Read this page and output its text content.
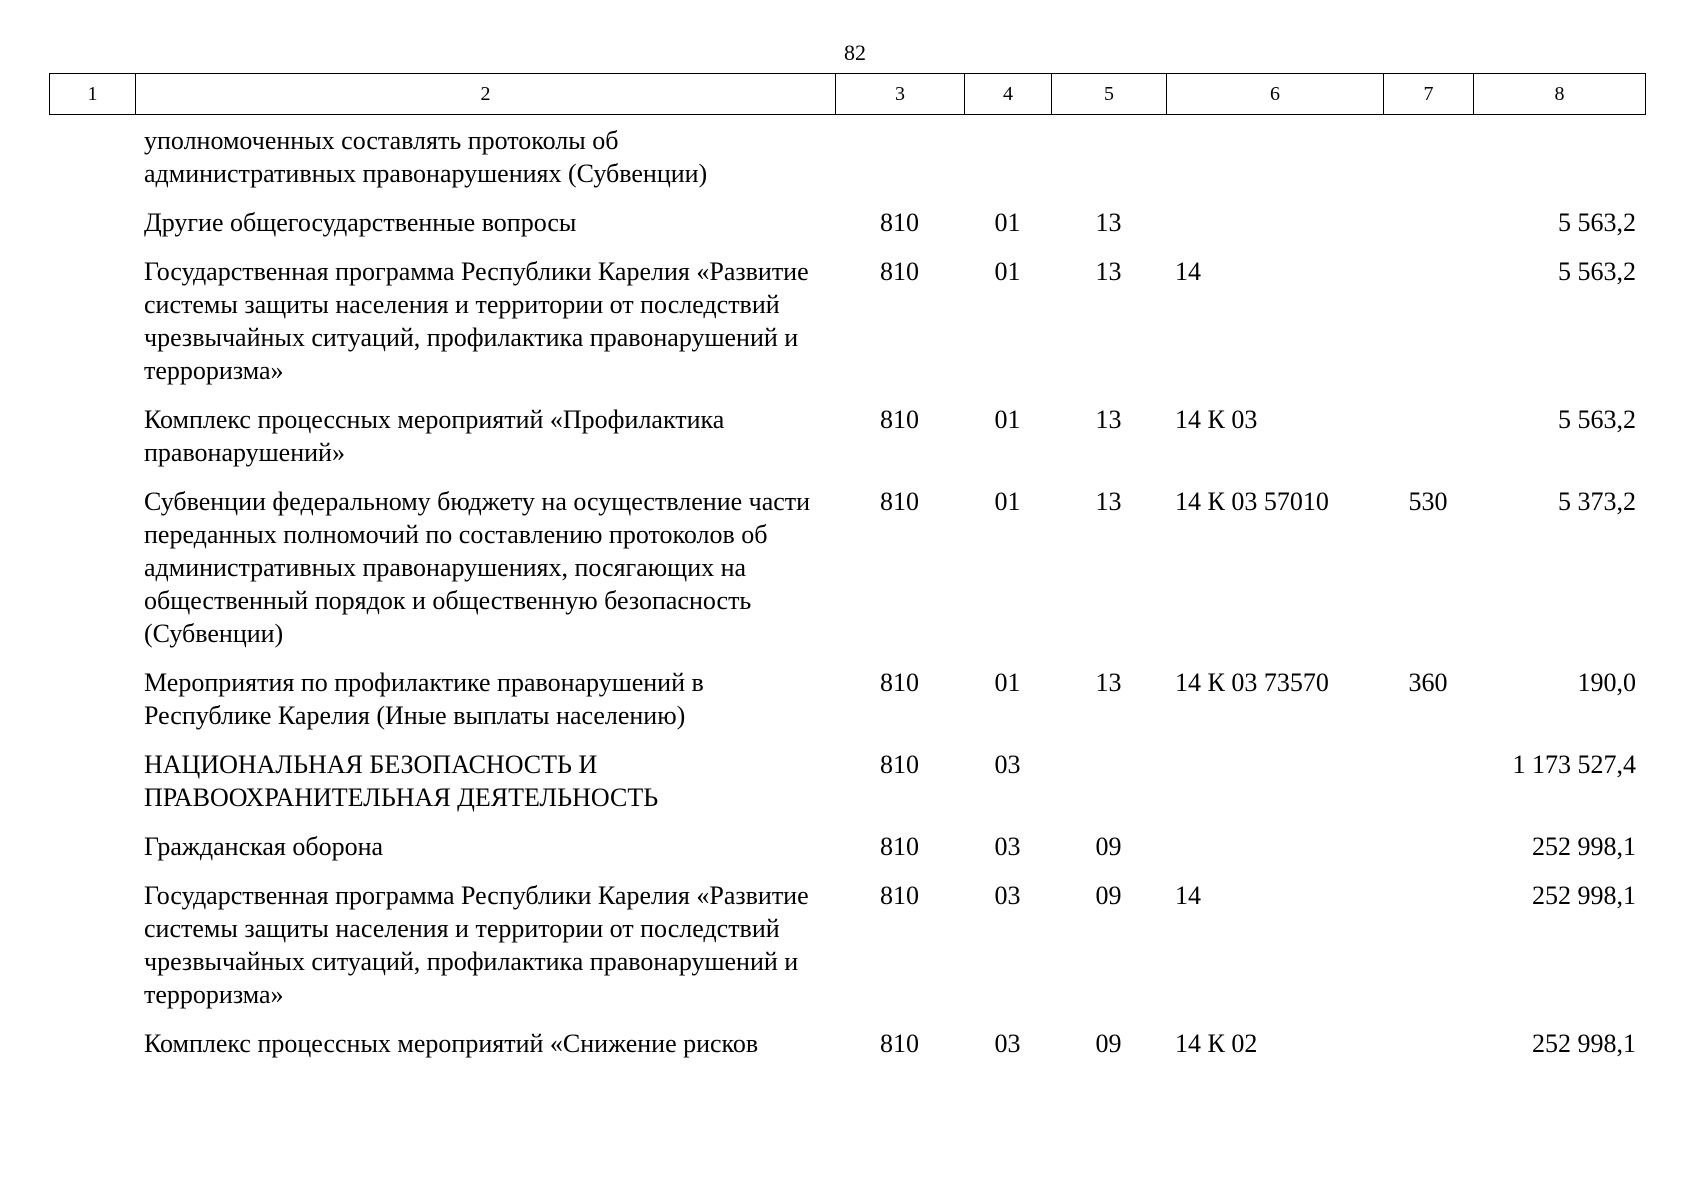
82
1	2	3	4	5	6	7	8
	уполномоченных составлять протоколы об административных правонарушениях (Субвенции)						
	Другие общегосударственные вопросы	810	01	13			5 563,2
	Государственная программа Республики Карелия «Развитие системы защиты населения и территории от последствий чрезвычайных ситуаций, профилактика правонарушений и терроризма»	810	01	13	14		5 563,2
	Комплекс процессных мероприятий «Профилактика правонарушений»	810	01	13	14 К 03		5 563,2
	Субвенции федеральному бюджету на осуществление части переданных полномочий по составлению протоколов об административных правонарушениях, посягающих на общественный порядок и общественную безопасность (Субвенции)	810	01	13	14 К 03 57010	530	5 373,2
	Мероприятия по профилактике правонарушений в Республике Карелия (Иные выплаты населению)	810	01	13	14 К 03 73570	360	190,0
	НАЦИОНАЛЬНАЯ БЕЗОПАСНОСТЬ И ПРАВООХРАНИТЕЛЬНАЯ ДЕЯТЕЛЬНОСТЬ	810	03				1 173 527,4
	Гражданская оборона	810	03	09			252 998,1
	Государственная программа Республики Карелия «Развитие системы защиты населения и территории от последствий чрезвычайных ситуаций, профилактика правонарушений и терроризма»	810	03	09	14		252 998,1
	Комплекс процессных мероприятий «Снижение рисков	810	03	09	14 К 02		252 998,1
